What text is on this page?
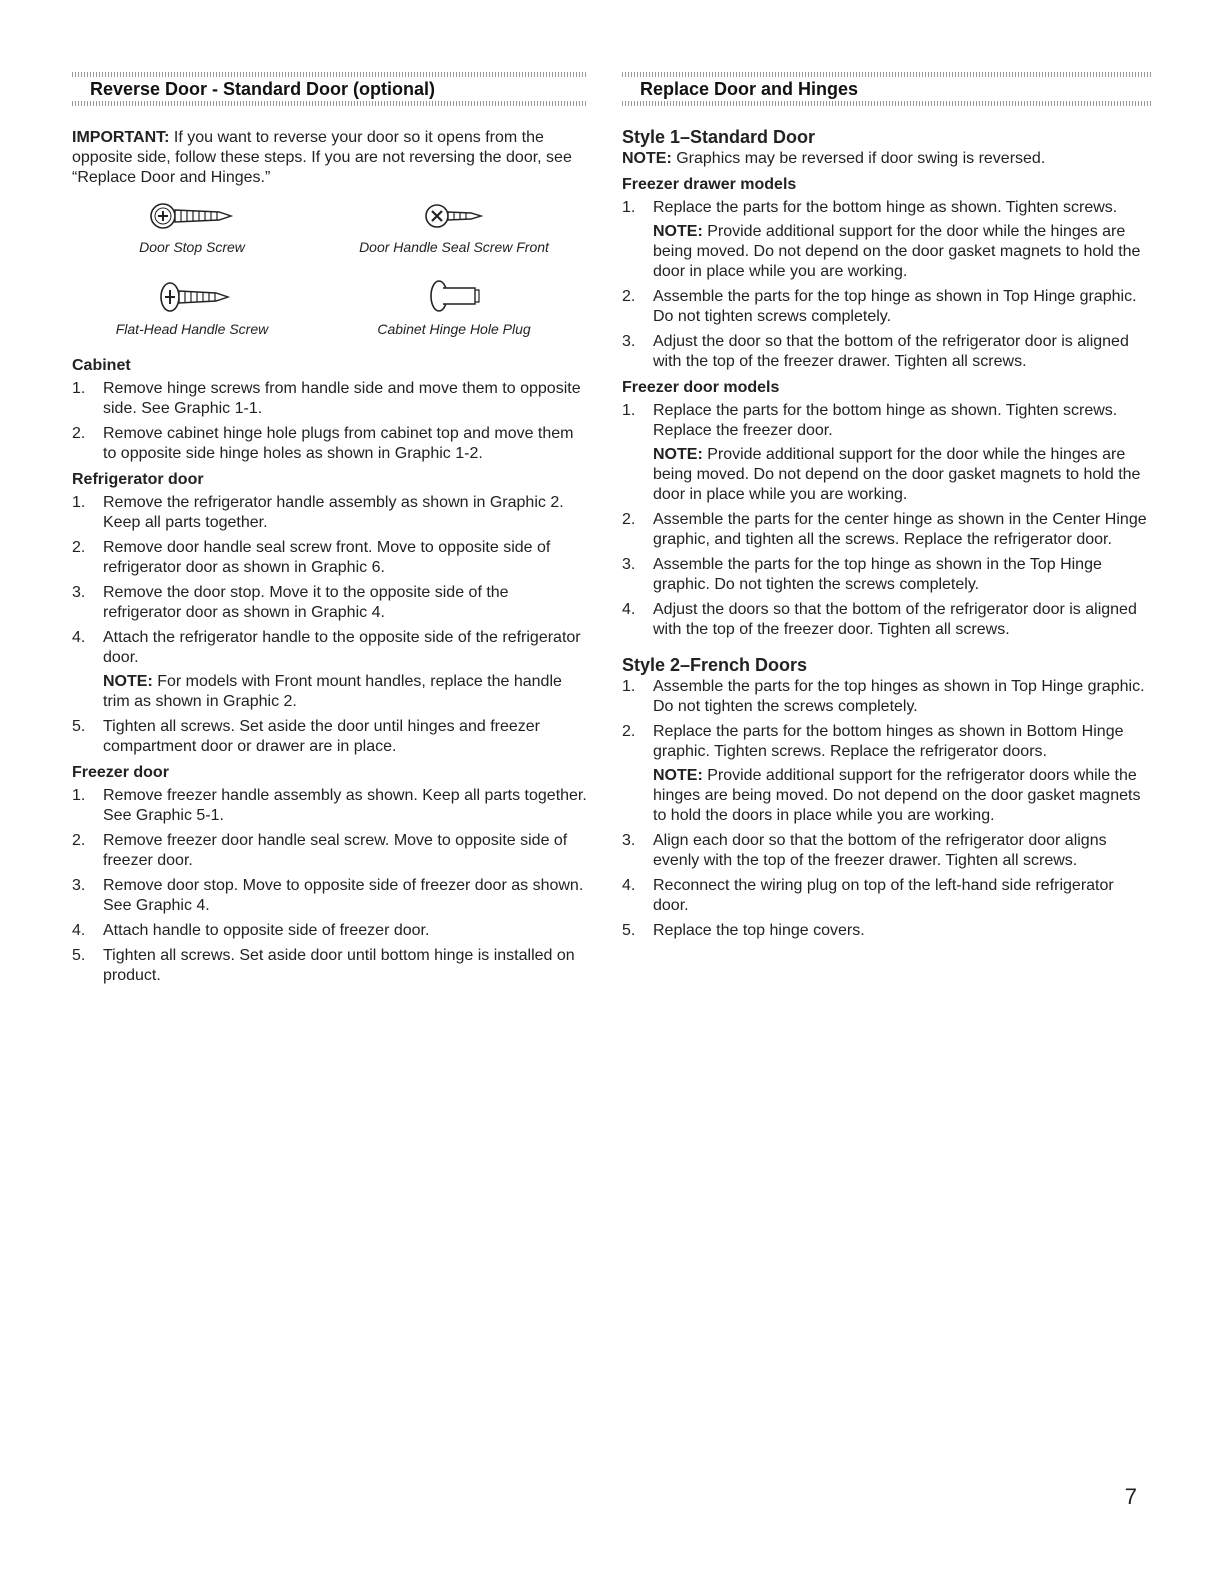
Reverse Door - Standard Door (optional)

IMPORTANT: If you want to reverse your door so it opens from the opposite side, follow these steps. If you are not reversing the door, see “Replace Door and Hinges.”

Door Stop Screw	Door Handle Seal Screw Front
Flat-Head Handle Screw	Cabinet Hinge Hole Plug
Cabinet
1. Remove hinge screws from handle side and move them to opposite side. See Graphic 1-1.
2. Remove cabinet hinge hole plugs from cabinet top and move them to opposite side hinge holes as shown in Graphic 1-2.
Refrigerator door
1. Remove the refrigerator handle assembly as shown in Graphic 2. Keep all parts together.
2. Remove door handle seal screw front. Move to opposite side of refrigerator door as shown in Graphic 6.
3. Remove the door stop. Move it to the opposite side of the refrigerator door as shown in Graphic 4.
4. Attach the refrigerator handle to the opposite side of the refrigerator door.

NOTE: For models with Front mount handles, replace the handle trim as shown in Graphic 2.

5. Tighten all screws. Set aside the door until hinges and freezer compartment door or drawer are in place.
Freezer door
1. Remove freezer handle assembly as shown. Keep all parts together. See Graphic 5-1.
2. Remove freezer door handle seal screw. Move to opposite side of freezer door.
3. Remove door stop. Move to opposite side of freezer door as shown. See Graphic 4.
4. Attach handle to opposite side of freezer door.
5. Tighten all screws. Set aside door until bottom hinge is installed on product.
Replace Door and Hinges
Style 1–Standard Door

NOTE: Graphics may be reversed if door swing is reversed.

Freezer drawer models
1. Replace the parts for the bottom hinge as shown. Tighten screws.

NOTE: Provide additional support for the door while the hinges are being moved. Do not depend on the door gasket magnets to hold the door in place while you are working.

2. Assemble the parts for the top hinge as shown in Top Hinge graphic. Do not tighten screws completely.
3. Adjust the door so that the bottom of the refrigerator door is aligned with the top of the freezer drawer. Tighten all screws.
Freezer door models
1. Replace the parts for the bottom hinge as shown. Tighten screws. Replace the freezer door.

NOTE: Provide additional support for the door while the hinges are being moved. Do not depend on the door gasket magnets to hold the door in place while you are working.

2. Assemble the parts for the center hinge as shown in the Center Hinge graphic, and tighten all the screws. Replace the refrigerator door.
3. Assemble the parts for the top hinge as shown in the Top Hinge graphic. Do not tighten the screws completely.
4. Adjust the doors so that the bottom of the refrigerator door is aligned with the top of the freezer door. Tighten all screws.
Style 2–French Doors
1. Assemble the parts for the top hinges as shown in Top Hinge graphic. Do not tighten the screws completely.
2. Replace the parts for the bottom hinges as shown in Bottom Hinge graphic. Tighten screws. Replace the refrigerator doors.

NOTE: Provide additional support for the refrigerator doors while the hinges are being moved. Do not depend on the door gasket magnets to hold the doors in place while you are working.

3. Align each door so that the bottom of the refrigerator door aligns evenly with the top of the freezer drawer. Tighten all screws.
4. Reconnect the wiring plug on top of the left-hand side refrigerator door.
5. Replace the top hinge covers.
7
